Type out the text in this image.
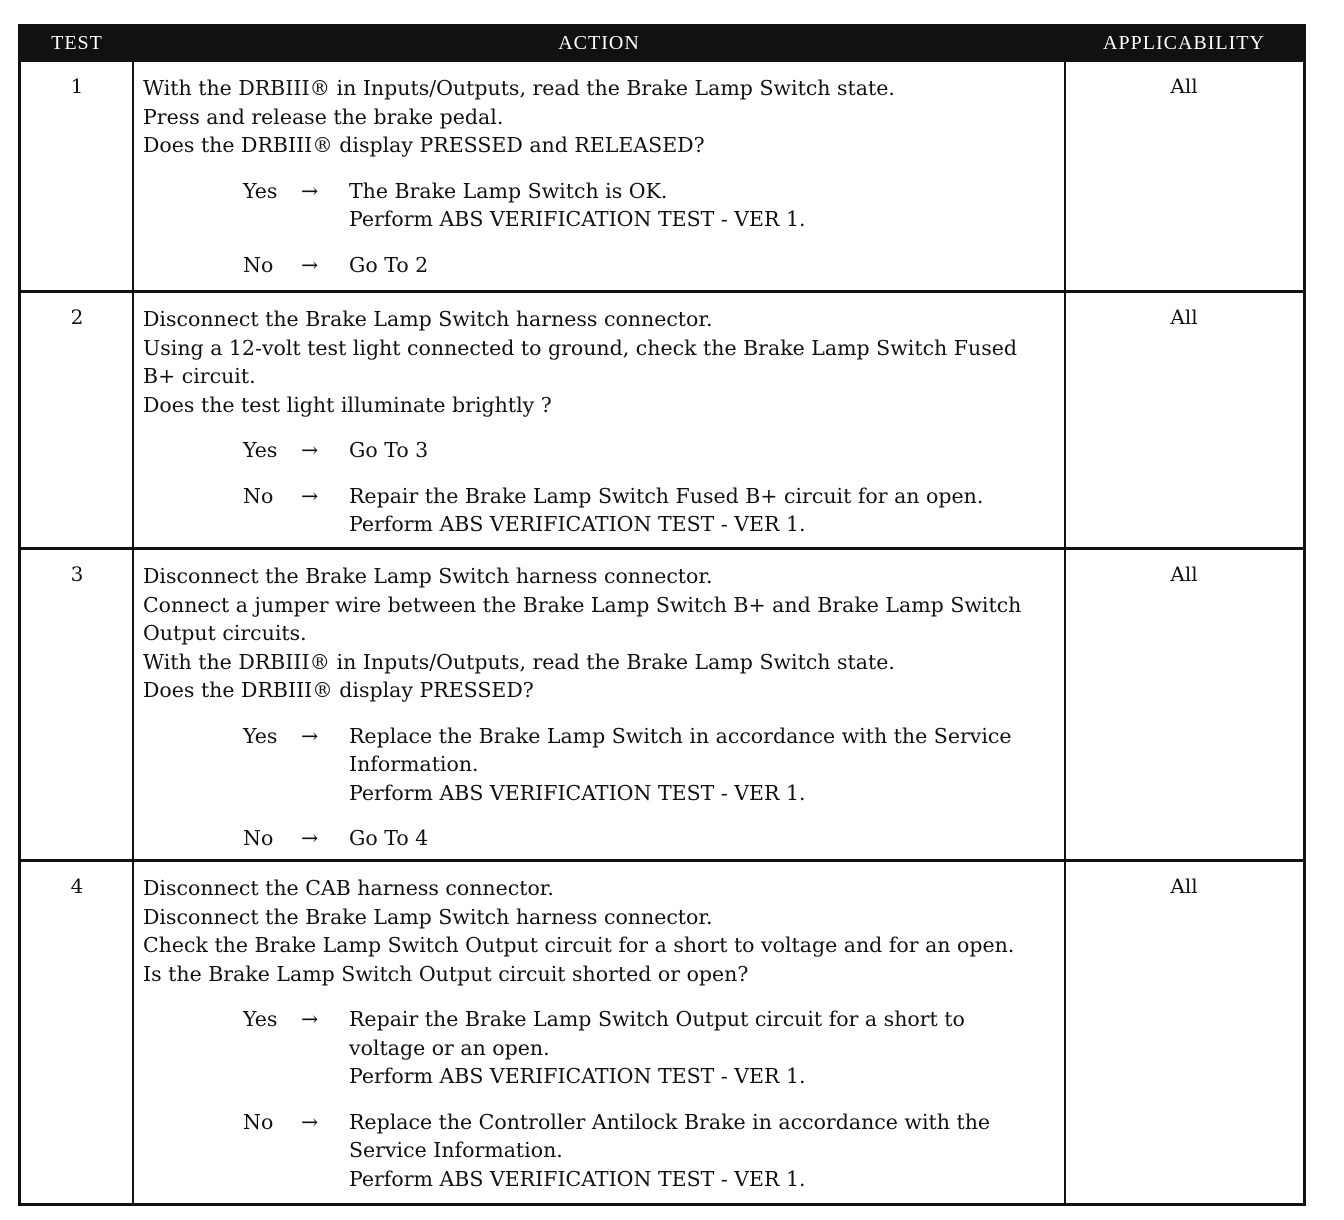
TEST	ACTION	APPLICABILITY
1	With the DRBIII® in Inputs/Outputs, read the Brake Lamp Switch state.
Press and release the brake pedal.
Does the DRBIII® display PRESSED and RELEASED?
Yes	→	The Brake Lamp Switch is OK.
Perform ABS VERIFICATION TEST - VER 1.
No	→	Go To 2
All
2	Disconnect the Brake Lamp Switch harness connector.
Using a 12-volt test light connected to ground, check the Brake Lamp Switch Fused
B+ circuit.
Does the test light illuminate brightly ?
Yes	→	Go To 3
No	→	Repair the Brake Lamp Switch Fused B+ circuit for an open.
Perform ABS VERIFICATION TEST - VER 1.
All
3	Disconnect the Brake Lamp Switch harness connector.
Connect a jumper wire between the Brake Lamp Switch B+ and Brake Lamp Switch
Output circuits.
With the DRBIII® in Inputs/Outputs, read the Brake Lamp Switch state.
Does the DRBIII® display PRESSED?
Yes	→	Replace the Brake Lamp Switch in accordance with the Service
Information.
Perform ABS VERIFICATION TEST - VER 1.
No	→	Go To 4
All
4	Disconnect the CAB harness connector.
Disconnect the Brake Lamp Switch harness connector.
Check the Brake Lamp Switch Output circuit for a short to voltage and for an open.
Is the Brake Lamp Switch Output circuit shorted or open?
Yes	→	Repair the Brake Lamp Switch Output circuit for a short to
voltage or an open.
Perform ABS VERIFICATION TEST - VER 1.
No	→	Replace the Controller Antilock Brake in accordance with the
Service Information.
Perform ABS VERIFICATION TEST - VER 1.
All
